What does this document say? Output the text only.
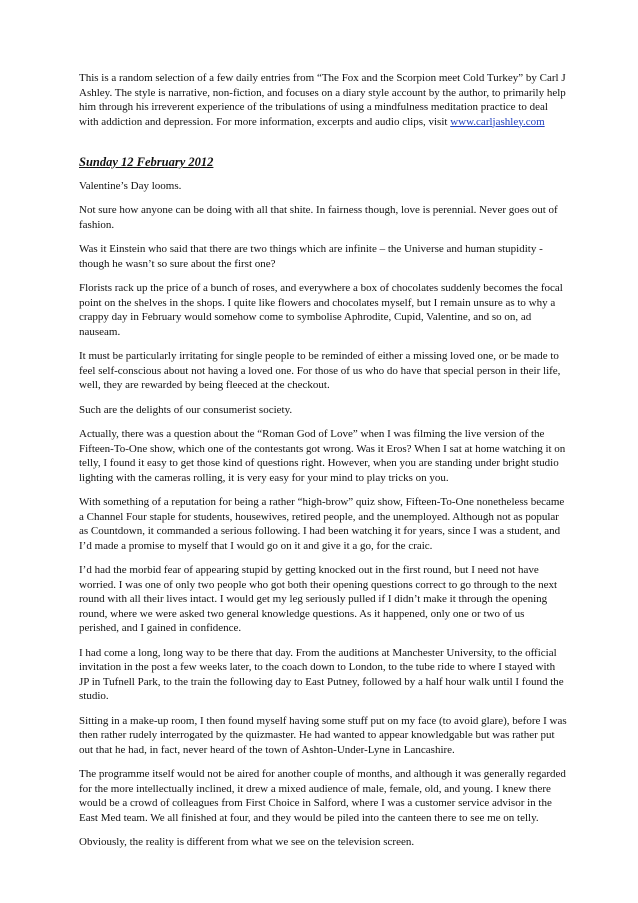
This is a random selection of a few daily entries from “The Fox and the Scorpion meet Cold Turkey” by Carl J Ashley. The style is narrative, non-fiction, and focuses on a diary style account by the author, to primarily help him through his irreverent experience of the tribulations of using a mindfulness meditation practice to deal with addiction and depression. For more information, excerpts and audio clips, visit www.carljashley.com

Sunday 12 February 2012

Valentine’s Day looms.

Not sure how anyone can be doing with all that shite. In fairness though, love is perennial. Never goes out of fashion.

Was it Einstein who said that there are two things which are infinite – the Universe and human stupidity - though he wasn’t so sure about the first one?

Florists rack up the price of a bunch of roses, and everywhere a box of chocolates suddenly becomes the focal point on the shelves in the shops. I quite like flowers and chocolates myself, but I remain unsure as to why a crappy day in February would somehow come to symbolise Aphrodite, Cupid, Valentine, and so on, ad nauseam.

It must be particularly irritating for single people to be reminded of either a missing loved one, or be made to feel self-conscious about not having a loved one. For those of us who do have that special person in their life, well, they are rewarded by being fleeced at the checkout.

Such are the delights of our consumerist society.

Actually, there was a question about the “Roman God of Love” when I was filming the live version of the Fifteen-To-One show, which one of the contestants got wrong. Was it Eros? When I sat at home watching it on telly, I found it easy to get those kind of questions right. However, when you are standing under bright studio lighting with the cameras rolling, it is very easy for your mind to play tricks on you.

With something of a reputation for being a rather “high-brow” quiz show, Fifteen-To-One nonetheless became a Channel Four staple for students, housewives, retired people, and the unemployed. Although not as popular as Countdown, it commanded a serious following. I had been watching it for years, since I was a student, and I’d made a promise to myself that I would go on it and give it a go, for the craic.

I’d had the morbid fear of appearing stupid by getting knocked out in the first round, but I need not have worried. I was one of only two people who got both their opening questions correct to go through to the next round with all their lives intact. I would get my leg seriously pulled if I didn’t make it through the opening round, where we were asked two general knowledge questions. As it happened, only one or two of us perished, and I gained in confidence.

I had come a long, long way to be there that day. From the auditions at Manchester University, to the official invitation in the post a few weeks later, to the coach down to London, to the tube ride to where I stayed with JP in Tufnell Park, to the train the following day to East Putney, followed by a half hour walk until I found the studio.

Sitting in a make-up room, I then found myself having some stuff put on my face (to avoid glare), before I was then rather rudely interrogated by the quizmaster. He had wanted to appear knowledgable but was rather put out that he had, in fact, never heard of the town of Ashton-Under-Lyne in Lancashire.

The programme itself would not be aired for another couple of months, and although it was generally regarded for the more intellectually inclined, it drew a mixed audience of male, female, old, and young. I knew there would be a crowd of colleagues from First Choice in Salford, where I was a customer service advisor in the East Med team. We all finished at four, and they would be piled into the canteen there to see me on telly.

Obviously, the reality is different from what we see on the television screen.
